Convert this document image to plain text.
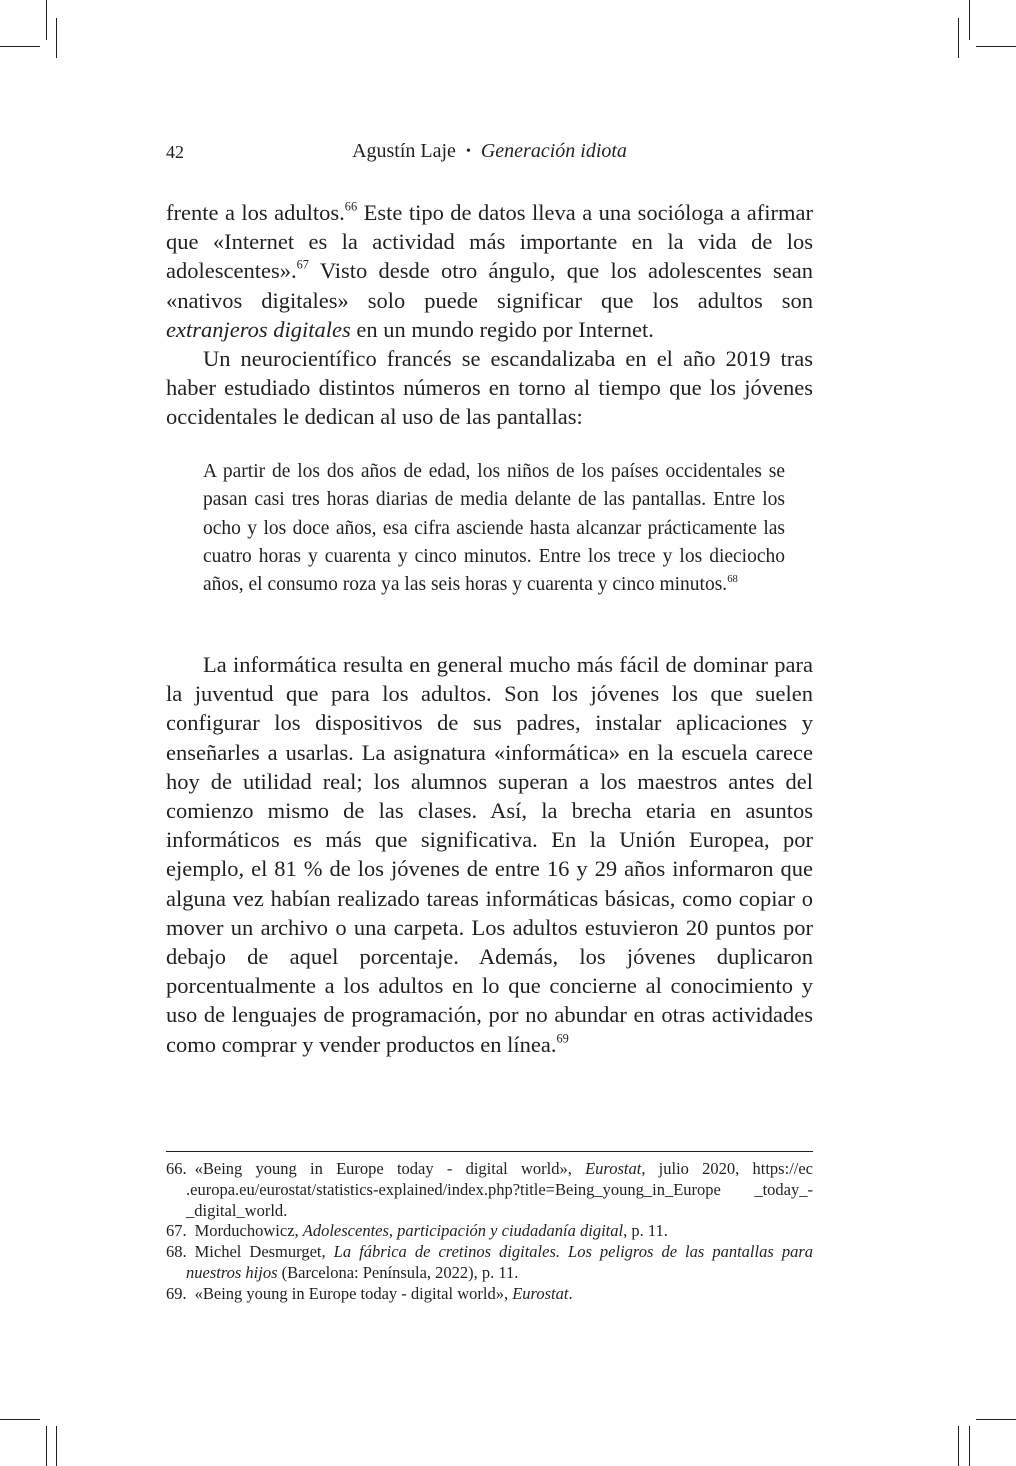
42	Agustín Laje • Generación idiota

frente a los adultos.$^{66}$ Este tipo de datos lleva a una socióloga a afirmar que «Internet es la actividad más importante en la vida de los adolescentes».$^{67}$ Visto desde otro ángulo, que los adolescentes sean «nativos digitales» solo puede significar que los adultos son extranjeros digitales en un mundo regido por Internet.

Un neurocientífico francés se escandalizaba en el año 2019 tras haber estudiado distintos números en torno al tiempo que los jóvenes occidentales le dedican al uso de las pantallas:

A partir de los dos años de edad, los niños de los países occidentales se pasan casi tres horas diarias de media delante de las pantallas. Entre los ocho y los doce años, esa cifra asciende hasta alcanzar prácticamente las cuatro horas y cuarenta y cinco minutos. Entre los trece y los dieciocho años, el consumo roza ya las seis horas y cuarenta y cinco minutos.$^{68}$

La informática resulta en general mucho más fácil de dominar para la juventud que para los adultos. Son los jóvenes los que suelen configurar los dispositivos de sus padres, instalar aplicaciones y enseñarles a usarlas. La asignatura «informática» en la escuela carece hoy de utilidad real; los alumnos superan a los maestros antes del comienzo mismo de las clases. Así, la brecha etaria en asuntos informáticos es más que significativa. En la Unión Europea, por ejemplo, el 81 % de los jóvenes de entre 16 y 29 años informaron que alguna vez habían realizado tareas informáticas básicas, como copiar o mover un archivo o una carpeta. Los adultos estuvieron 20 puntos por debajo de aquel porcentaje. Además, los jóvenes duplicaron porcentualmente a los adultos en lo que concierne al conocimiento y uso de lenguajes de programación, por no abundar en otras actividades como comprar y vender productos en línea.$^{69}$

66. «Being young in Europe today - digital world», Eurostat, julio 2020, https://ec .europa.eu/eurostat/statistics-explained/index.php?title=Being_young_in_Europe _today_-_digital_world.

67. Morduchowicz, Adolescentes, participación y ciudadanía digital, p. 11.

68. Michel Desmurget, La fábrica de cretinos digitales. Los peligros de las pantallas para nuestros hijos (Barcelona: Península, 2022), p. 11.

69. «Being young in Europe today - digital world», Eurostat.
